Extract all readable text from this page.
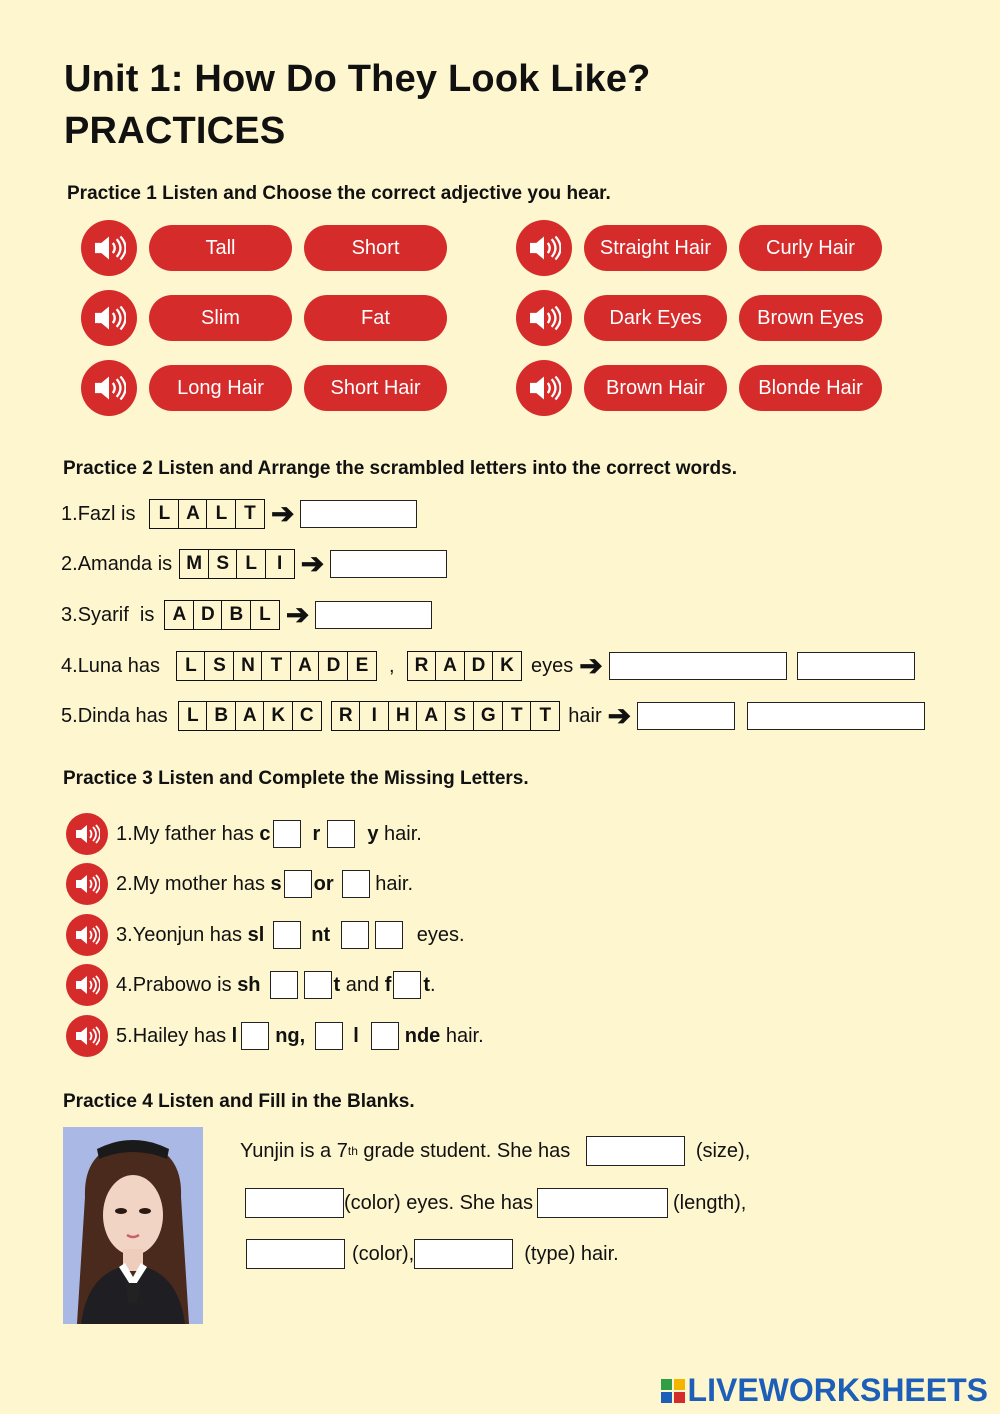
Unit 1: How Do They Look Like?
PRACTICES
Practice 1 Listen and Choose the correct adjective you hear.
Tall	Short
Slim	Fat
Long Hair	Short Hair
Straight Hair	Curly Hair
Dark Eyes	Brown Eyes
Brown Hair	Blonde Hair
Practice 2 Listen and Arrange the scrambled letters into the correct words.
1. Fazl is	L A L T ➔
2. Amanda is M S L	I ➔
3. Syarif  is A D B L ➔
4. Luna has	L S N T A D E	,	R A D K eyes ➔
5. Dinda has	L B A K C	R	I H A S G T T hair ➔
Practice 3 Listen and Complete the Missing Letters.
1. My father has c r y hair.
2. My mother has s or hair.
3. Yeonjun has sl nt	eyes.
4. Prabowo is sh	t and f t .
5. Hailey has l ng, l nde hair.
Practice 4 Listen and Fill in the Blanks.
Yunjin is a 7 th grade student. She has	(size),
(color) eyes. She has	(length),
(color),	(type) hair.
LIVEWORKSHEETS
